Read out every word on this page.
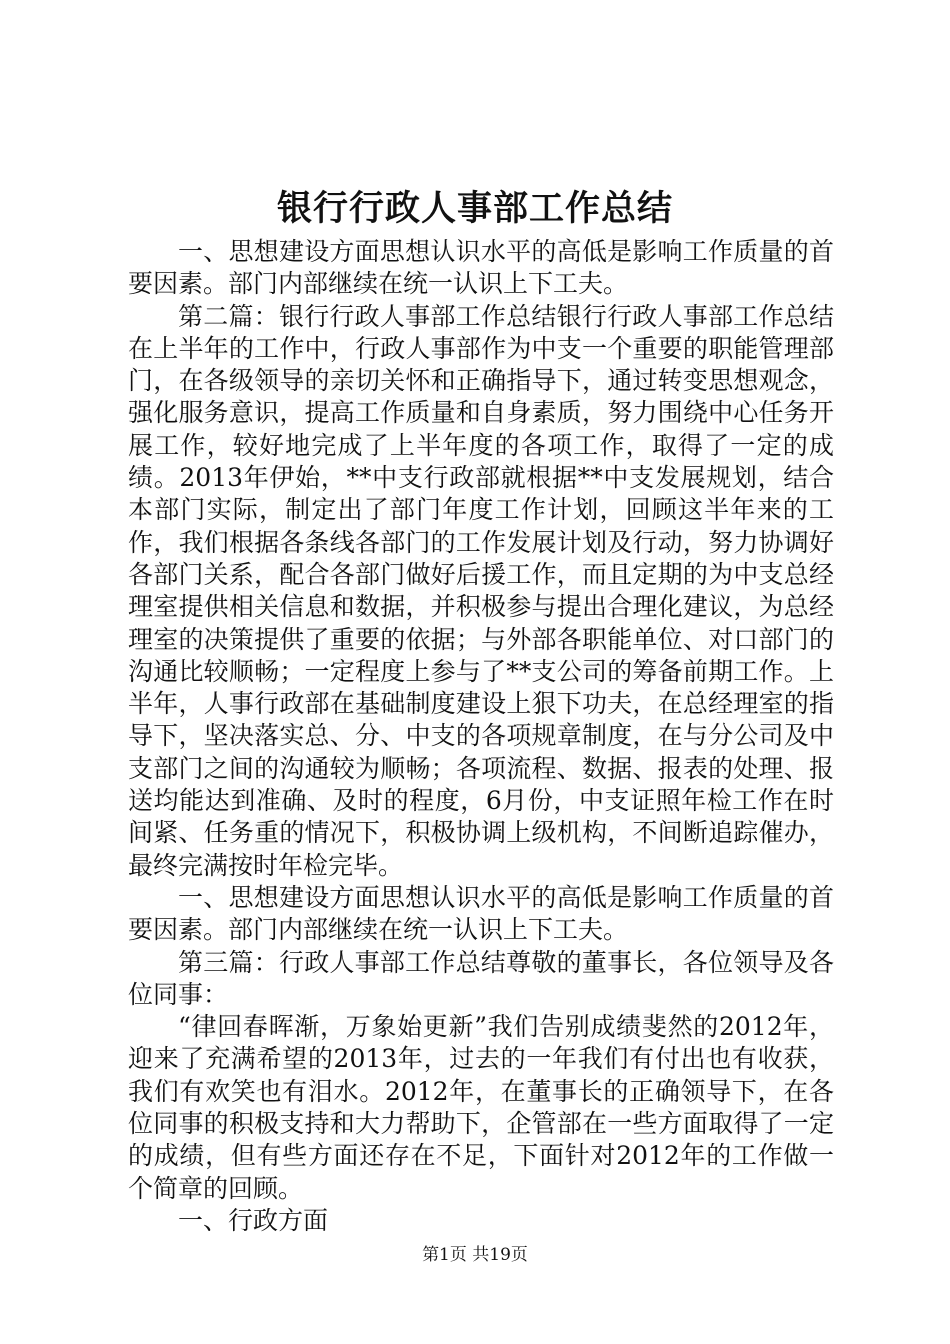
银行行政人事部工作总结

一、思想建设方面思想认识水平的高低是影响工作质量的首要因素。部门内部继续在统一认识上下工夫。

第二篇：银行行政人事部工作总结银行行政人事部工作总结在上半年的工作中，行政人事部作为中支一个重要的职能管理部门，在各级领导的亲切关怀和正确指导下，通过转变思想观念，强化服务意识，提高工作质量和自身素质，努力围绕中心任务开展工作，较好地完成了上半年度的各项工作，取得了一定的成绩。2013年伊始，**中支行政部就根据**中支发展规划，结合本部门实际，制定出了部门年度工作计划，回顾这半年来的工作，我们根据各条线各部门的工作发展计划及行动，努力协调好各部门关系，配合各部门做好后援工作，而且定期的为中支总经理室提供相关信息和数据，并积极参与提出合理化建议，为总经理室的决策提供了重要的依据；与外部各职能单位、对口部门的沟通比较顺畅；一定程度上参与了**支公司的筹备前期工作。上半年，人事行政部在基础制度建设上狠下功夫，在总经理室的指导下，坚决落实总、分、中支的各项规章制度，在与分公司及中支部门之间的沟通较为顺畅；各项流程、数据、报表的处理、报送均能达到准确、及时的程度，6月份，中支证照年检工作在时间紧、任务重的情况下，积极协调上级机构，不间断追踪催办，最终完满按时年检完毕。

一、思想建设方面思想认识水平的高低是影响工作质量的首要因素。部门内部继续在统一认识上下工夫。

第三篇：行政人事部工作总结尊敬的董事长，各位领导及各位同事：

“律回春晖渐，万象始更新”我们告别成绩斐然的2012年，迎来了充满希望的2013年，过去的一年我们有付出也有收获，我们有欢笑也有泪水。2012年，在董事长的正确领导下，在各位同事的积极支持和大力帮助下，企管部在一些方面取得了一定的成绩，但有些方面还存在不足，下面针对2012年的工作做一个简章的回顾。

一、行政方面

第1页 共19页
